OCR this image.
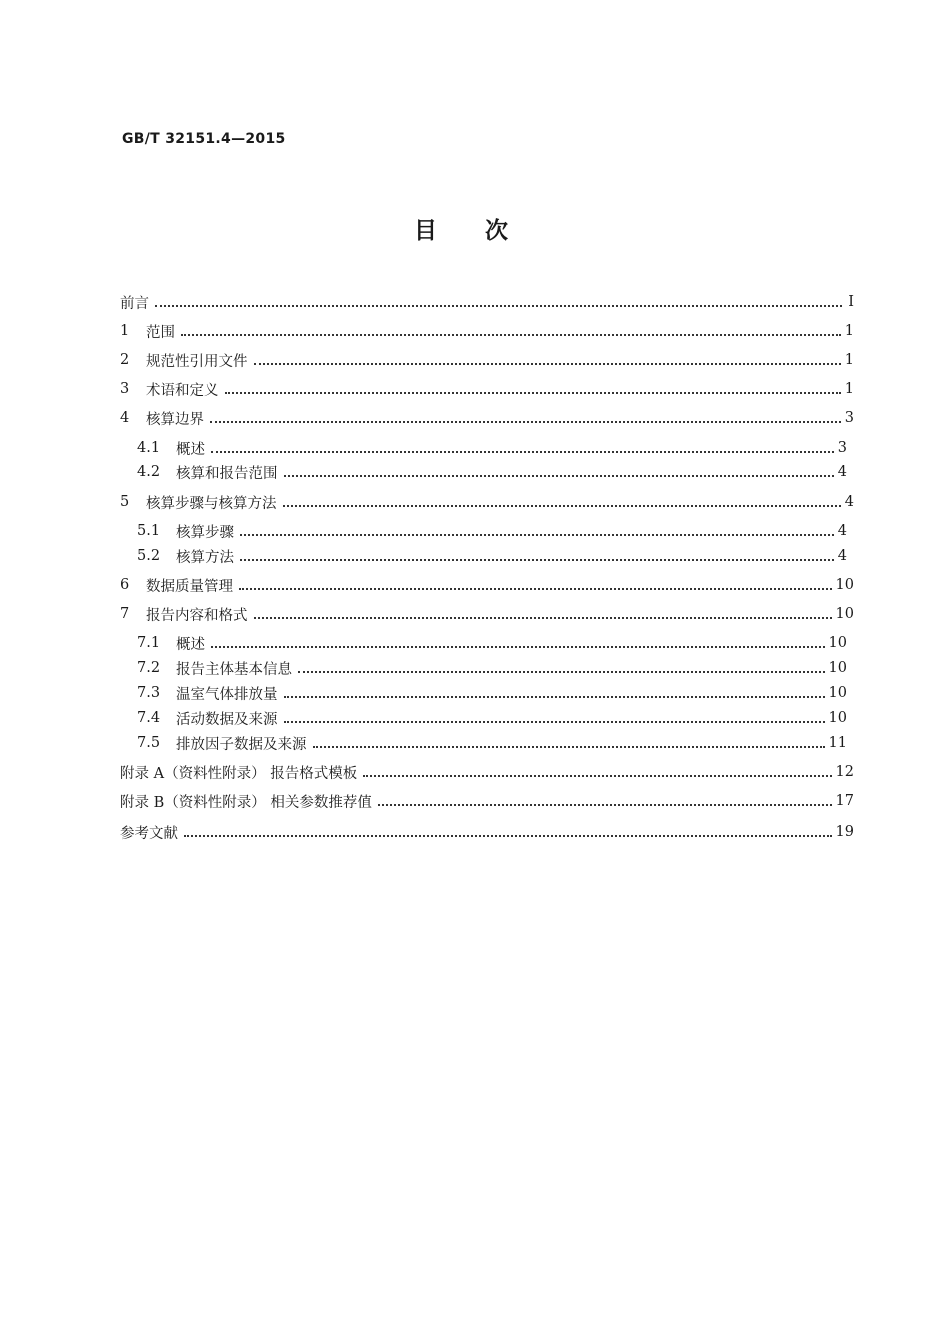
GB/T 32151.4—2015
目次
前言	Ⅰ
1	范围	1
2	规范性引用文件	1
3	术语和定义	1
4	核算边界	3
4.1	概述	3
4.2	核算和报告范围	4
5	核算步骤与核算方法	4
5.1	核算步骤	4
5.2	核算方法	4
6	数据质量管理	10
7	报告内容和格式	10
7.1	概述	10
7.2	报告主体基本信息	10
7.3	温室气体排放量	10
7.4	活动数据及来源	10
7.5	排放因子数据及来源	11
附录 A（资料性附录） 报告格式模板	12
附录 B（资料性附录） 相关参数推荐值	17
参考文献	19
